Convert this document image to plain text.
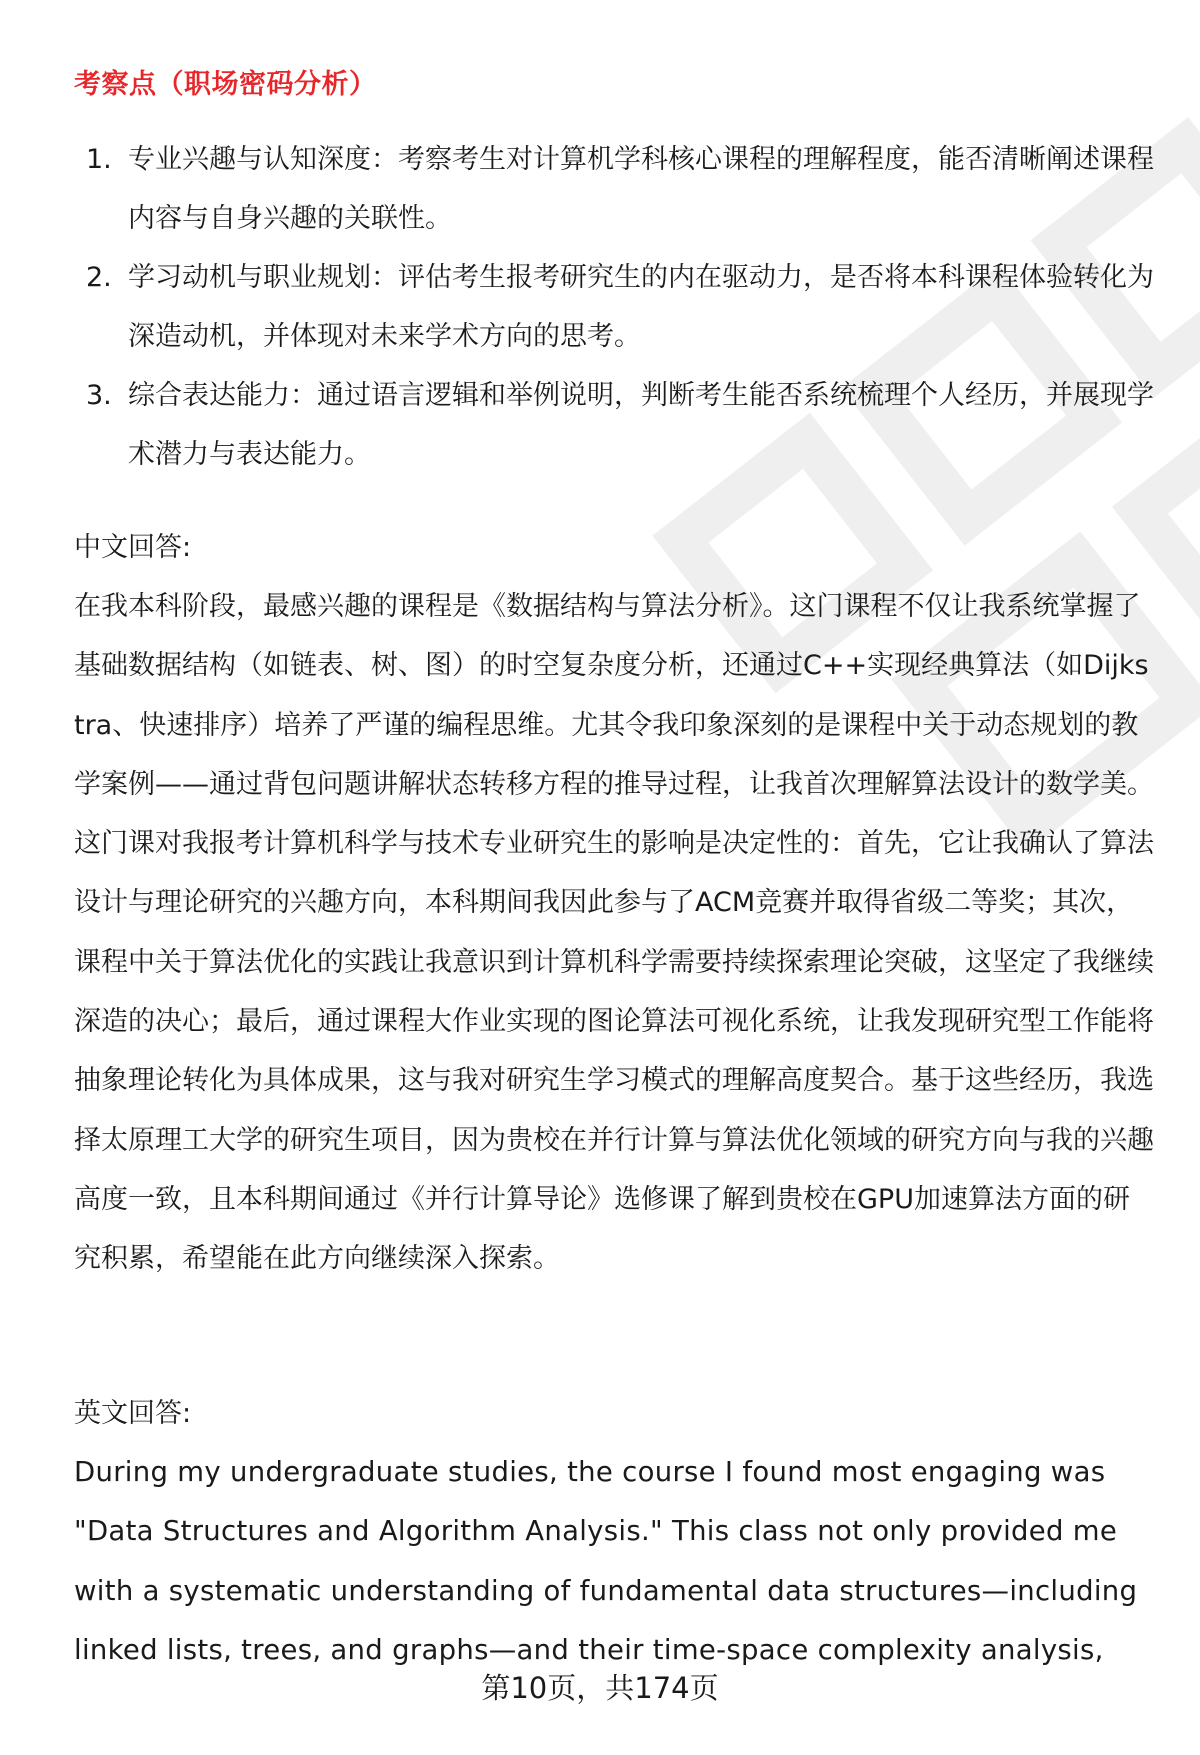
考察点（职场密码分析）
1. 专业兴趣与认知深度：考察考生对计算机学科核心课程的理解程度，能否清晰阐述课程内容与自身兴趣的关联性。
2. 学习动机与职业规划：评估考生报考研究生的内在驱动力，是否将本科课程体验转化为深造动机，并体现对未来学术方向的思考。
3. 综合表达能力：通过语言逻辑和举例说明，判断考生能否系统梳理个人经历，并展现学术潜力与表达能力。
中文回答:

在我本科阶段，最感兴趣的课程是《数据结构与算法分析》。这门课程不仅让我系统掌握了基础数据结构（如链表、树、图）的时空复杂度分析，还通过C++实现经典算法（如Dijkstra、快速排序）培养了严谨的编程思维。尤其令我印象深刻的是课程中关于动态规划的教学案例——通过背包问题讲解状态转移方程的推导过程，让我首次理解算法设计的数学美。这门课对我报考计算机科学与技术专业研究生的影响是决定性的：首先，它让我确认了算法设计与理论研究的兴趣方向，本科期间我因此参与了ACM竞赛并取得省级二等奖；其次，课程中关于算法优化的实践让我意识到计算机科学需要持续探索理论突破，这坚定了我继续深造的决心；最后，通过课程大作业实现的图论算法可视化系统，让我发现研究型工作能将抽象理论转化为具体成果，这与我对研究生学习模式的理解高度契合。基于这些经历，我选择太原理工大学的研究生项目，因为贵校在并行计算与算法优化领域的研究方向与我的兴趣高度一致，且本科期间通过《并行计算导论》选修课了解到贵校在GPU加速算法方面的研究积累，希望能在此方向继续深入探索。

英文回答:

During my undergraduate studies, the course I found most engaging was "Data Structures and Algorithm Analysis." This class not only provided me with a systematic understanding of fundamental data structures—including linked lists, trees, and graphs—and their time-space complexity analysis,

第10页，共174页
